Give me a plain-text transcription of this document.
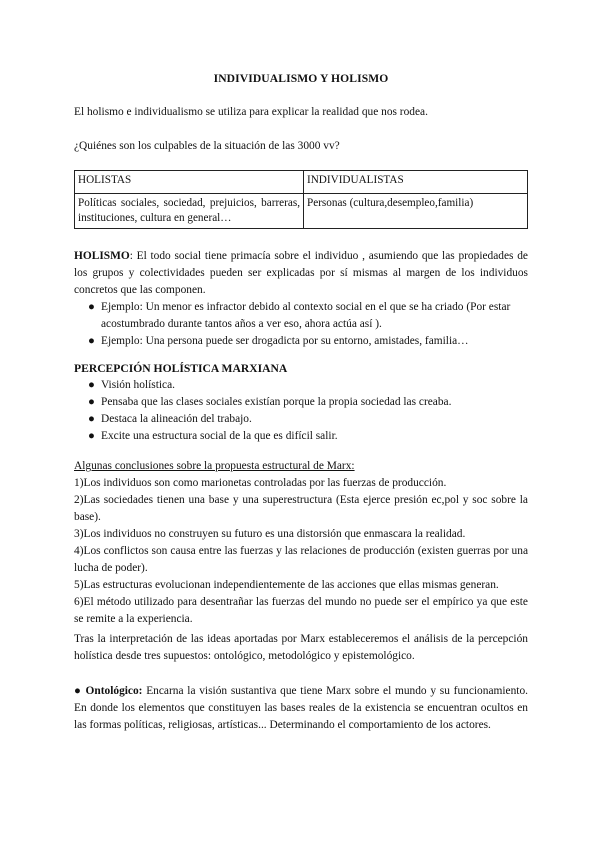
INDIVIDUALISMO Y HOLISMO

El holismo e individualismo se utiliza para explicar la realidad que nos rodea.

¿Quiénes son los culpables de la situación de las 3000 vv?

HOLISTAS	INDIVIDUALISTAS
Políticas sociales, sociedad, prejuicios, barreras, instituciones, cultura en general…	Personas (cultura,desempleo,familia)

HOLISMO: El todo social tiene primacía sobre el individuo , asumiendo que las propiedades de los grupos y colectividades pueden ser explicadas por sí mismas al margen de los individuos concretos que las componen.

● Ejemplo: Un menor es infractor debido al contexto social en el que se ha criado (Por estar acostumbrado durante tantos años a ver eso, ahora actúa así ).
● Ejemplo: Una persona puede ser drogadicta por su entorno, amistades, familia…
PERCEPCIÓN HOLÍSTICA MARXIANA
● Visión holística.
● Pensaba que las clases sociales existían porque la propia sociedad las creaba.
● Destaca la alineación del trabajo.
● Excite una estructura social de la que es difícil salir.

Algunas conclusiones sobre la propuesta estructural de Marx:

1)Los individuos son como marionetas controladas por las fuerzas de producción.

2)Las sociedades tienen una base y una superestructura (Esta ejerce presión ec,pol y soc sobre la base).

3)Los individuos no construyen su futuro es una distorsión que enmascara la realidad.

4)Los conflictos son causa entre las fuerzas y las relaciones de producción (existen guerras por una lucha de poder).

5)Las estructuras evolucionan independientemente de las acciones que ellas mismas generan.

6)El método utilizado para desentrañar las fuerzas del mundo no puede ser el empírico ya que este se remite a la experiencia.

Tras la interpretación de las ideas aportadas por Marx estableceremos el análisis de la percepción holística desde tres supuestos: ontológico, metodológico y epistemológico.

● Ontológico: Encarna la visión sustantiva que tiene Marx sobre el mundo y su funcionamiento. En donde los elementos que constituyen las bases reales de la existencia se encuentran ocultos en las formas políticas, religiosas, artísticas... Determinando el comportamiento de los actores.
